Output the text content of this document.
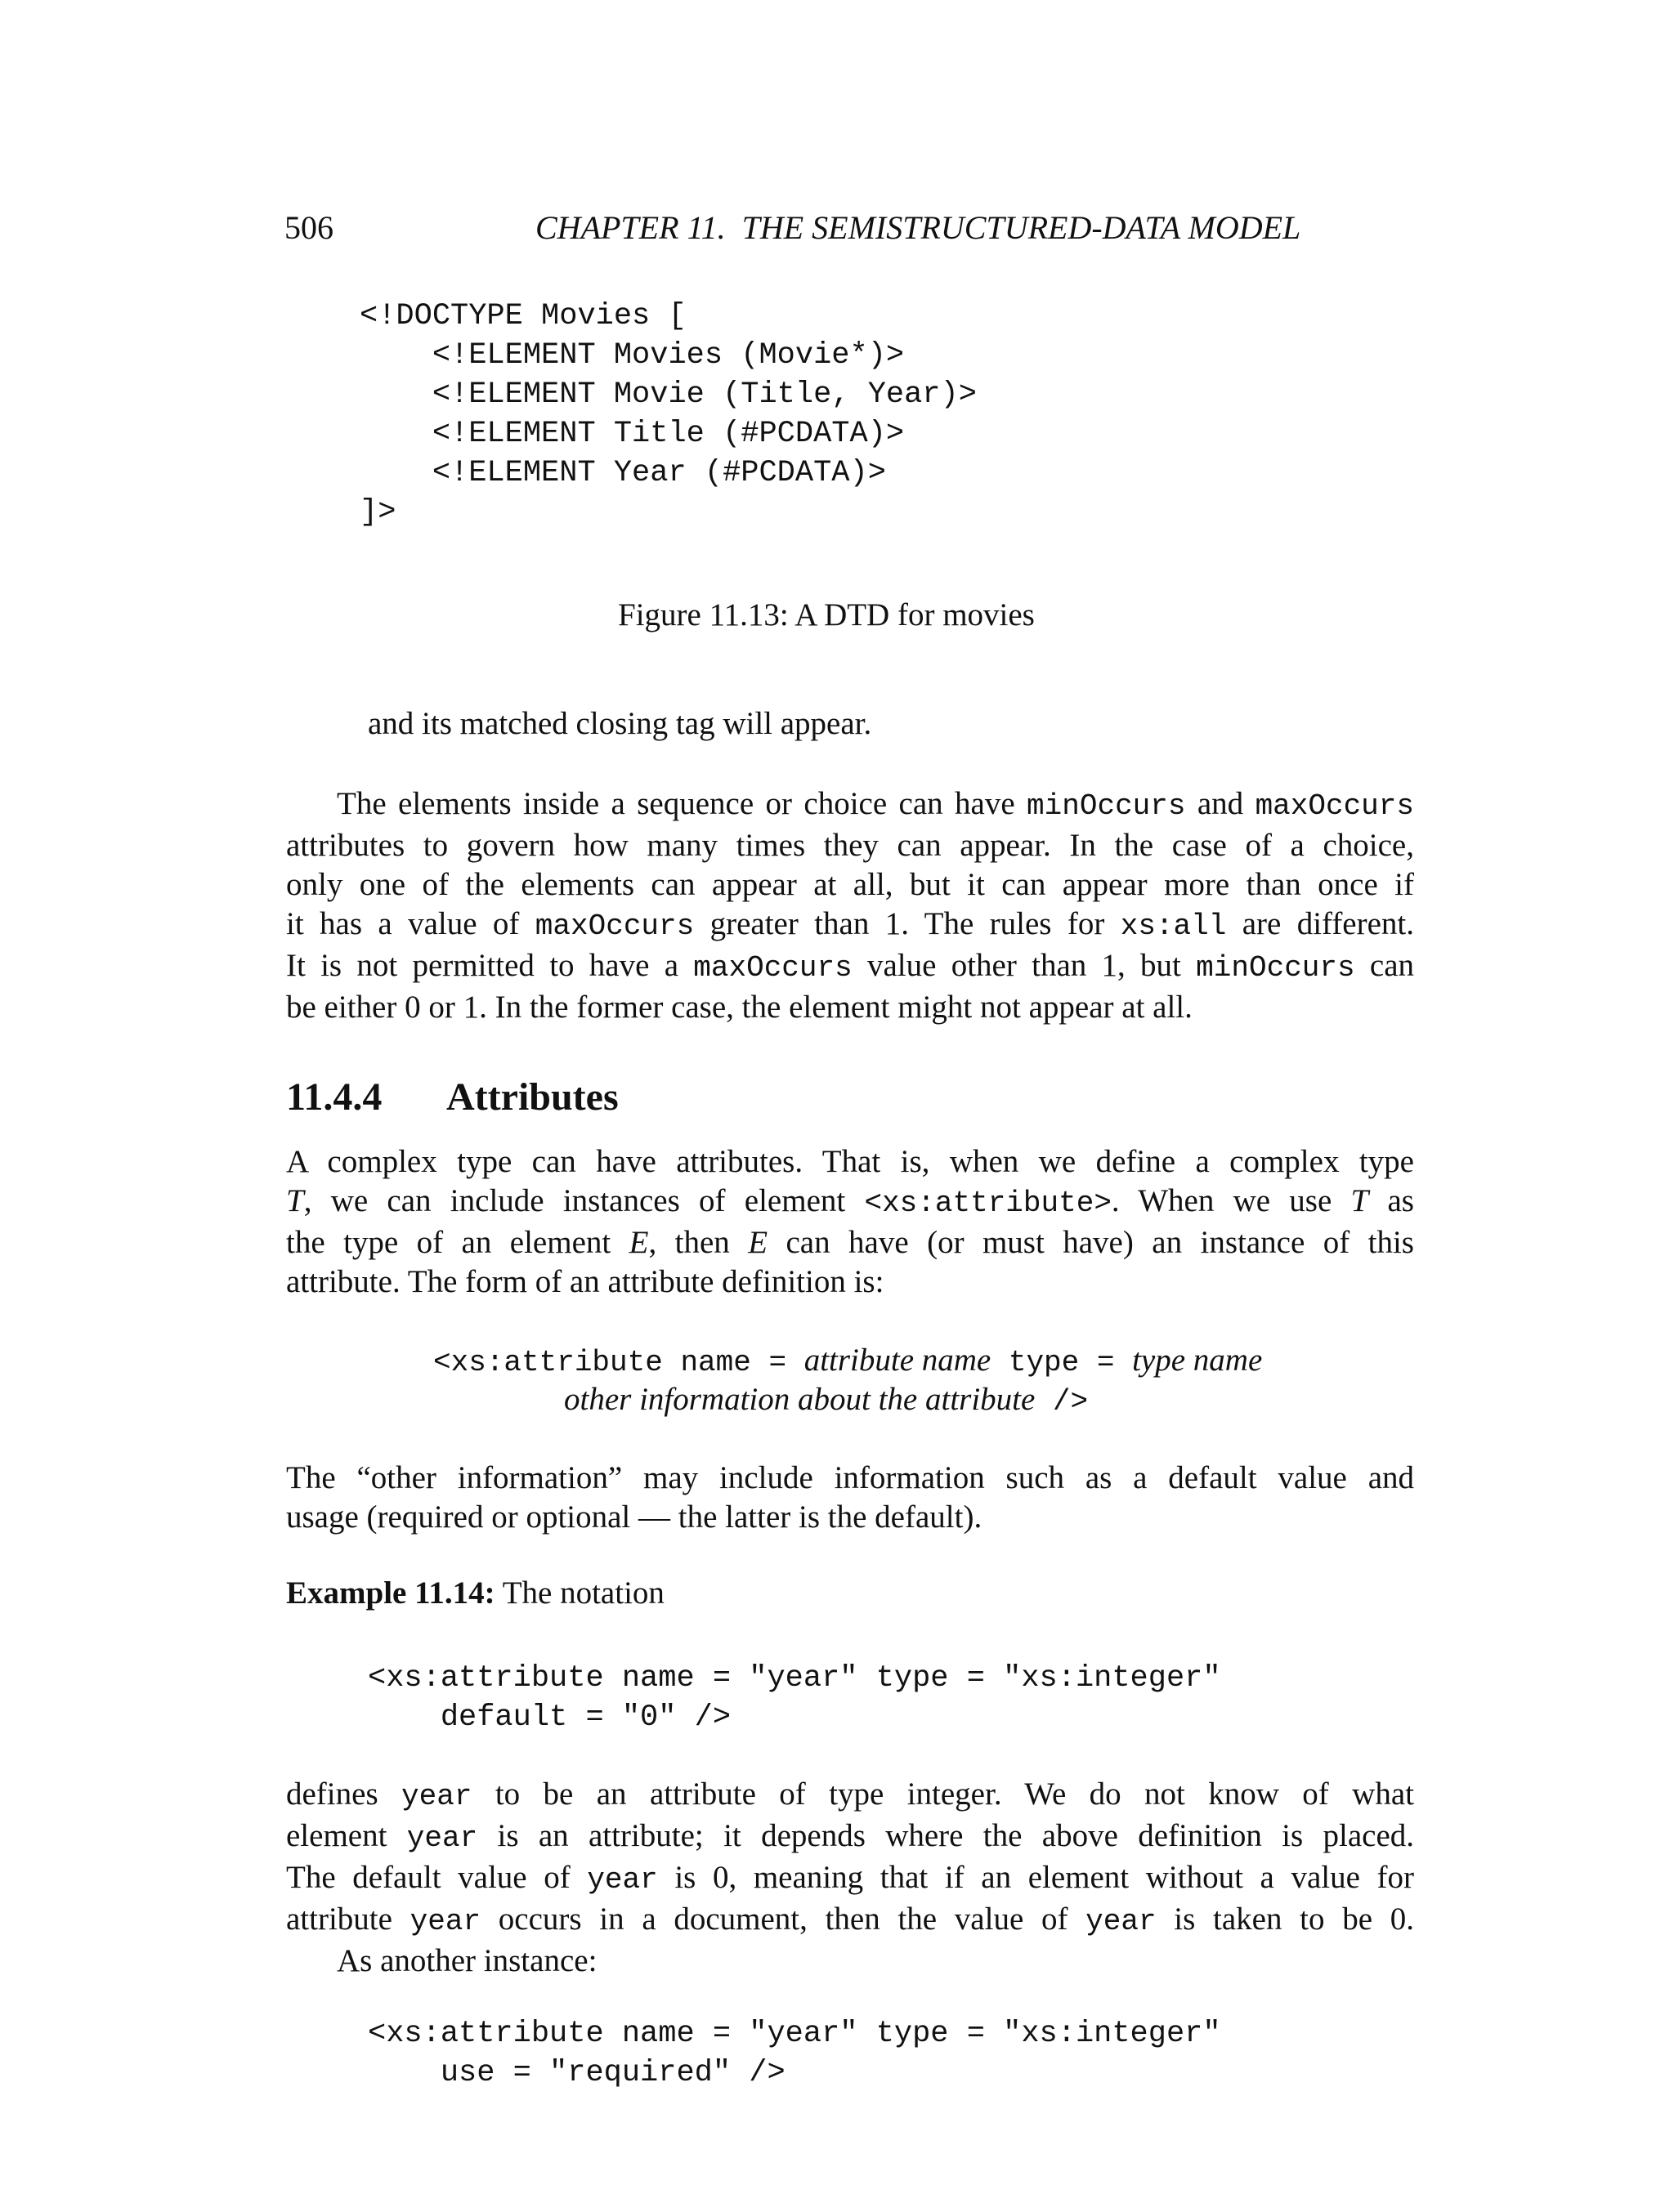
506	CHAPTER 11.  THE SEMISTRUCTURED-DATA MODEL
<!DOCTYPE Movies [
<!ELEMENT Movies (Movie*)>
<!ELEMENT Movie (Title, Year)>
<!ELEMENT Title (#PCDATA)>
<!ELEMENT Year (#PCDATA)>
]>
Figure 11.13: A DTD for movies
and its matched closing tag will appear.
The elements inside a sequence or choice can have minOccurs and maxOccurs
attributes to govern how many times they can appear. In the case of a choice,
only one of the elements can appear at all, but it can appear more than once if
it has a value of maxOccurs greater than 1. The rules for xs:all are different.
It is not permitted to have a maxOccurs value other than 1, but minOccurs can
be either 0 or 1. In the former case, the element might not appear at all.
11.4.4 Attributes
A complex type can have attributes. That is, when we define a complex type
T, we can include instances of element <xs:attribute>. When we use T as
the type of an element E, then E can have (or must have) an instance of this
attribute. The form of an attribute definition is:
<xs:attribute name = attribute name type = type name
other information about the attribute />
The “other information” may include information such as a default value and
usage (required or optional — the latter is the default).
Example 11.14: The notation
<xs:attribute name = "year" type = "xs:integer"
default = "0" />
defines year to be an attribute of type integer. We do not know of what
element year is an attribute; it depends where the above definition is placed.
The default value of year is 0, meaning that if an element without a value for
attribute year occurs in a document, then the value of year is taken to be 0.
As another instance:
<xs:attribute name = "year" type = "xs:integer"
use = "required" />
